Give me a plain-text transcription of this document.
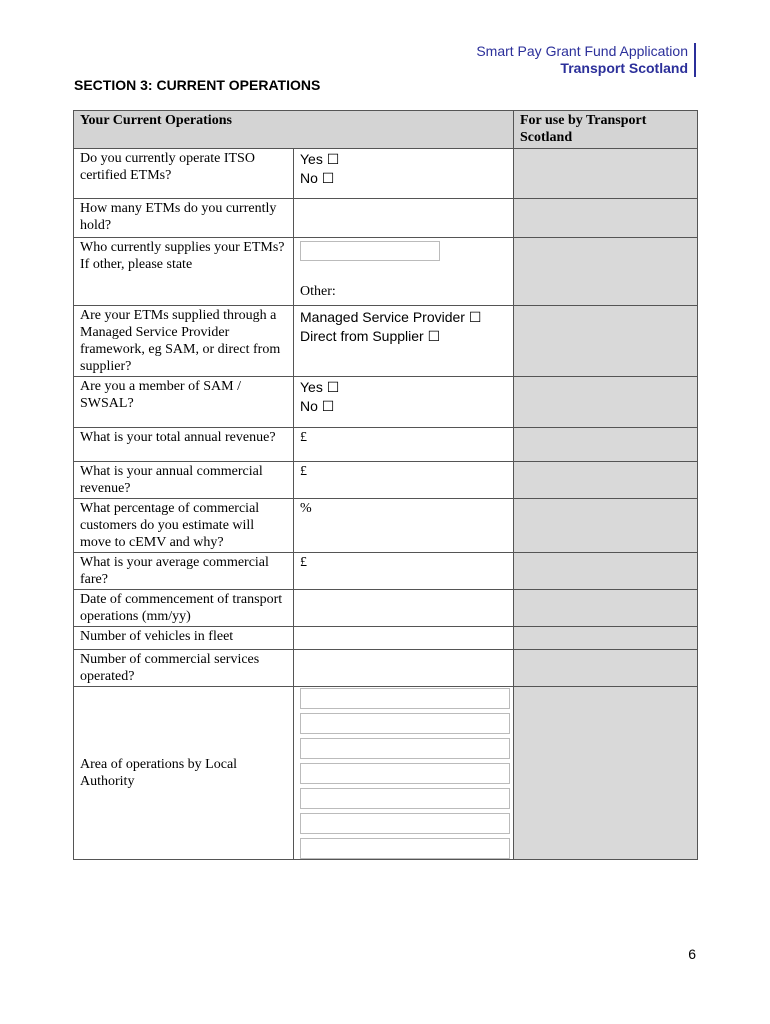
Smart Pay Grant Fund Application
Transport Scotland
SECTION 3: CURRENT OPERATIONS
Your Current Operations		For use by Transport Scotland
Do you currently operate ITSO certified ETMs?	Yes ☐
No ☐	

How many ETMs do you currently hold?		

Who currently supplies your ETMs?
If other, please state	Other:	

Are your ETMs supplied through a Managed Service Provider framework, eg SAM, or direct from supplier?	Managed Service Provider ☐
Direct from Supplier ☐	

Are you a member of SAM / SWSAL?	Yes ☐
No ☐	

What is your total annual revenue?	£	
What is your annual commercial revenue?	£	
What percentage of commercial customers do you estimate will move to cEMV and why?	%	
What is your average commercial fare?	£	
Date of commencement of transport operations (mm/yy)		
Number of vehicles in fleet		
Number of commercial services operated?		
Area of operations by Local Authority	

6
